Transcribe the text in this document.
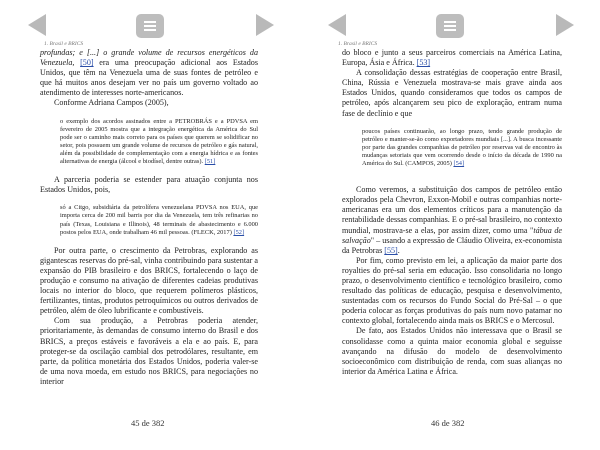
1. Brasil e BRICS

profundas; e [...] o grande volume de recursos energéticos da Venezuela, [50] era uma preocupação adicional aos Estados Unidos, que têm na Venezuela uma de suas fontes de petróleo e que há muitos anos desejam ver no país um governo voltado ao atendimento de interesses norte-americanos.

Conforme Adriana Campos (2005),

o exemplo dos acordos assinados entre a PETROBRÁS e a PDVSA em fevereiro de 2005 mostra que a integração energética da América do Sul pode ser o caminho mais correto para os países que querem se solidificar no setor, pois possuem um grande volume de recursos de petróleo e gás natural, além da possibilidade de complementação com a energia hídrica e as fontes alternativas de energia (álcool e biodísel, dentre outras). [51]

A parceria poderia se estender para atuação conjunta nos Estados Unidos, pois,

só a Citgo, subsidiária da petrolífera venezuelana PDVSA nos EUA, que importa cerca de 200 mil barris por dia da Venezuela, tem três refinarias no país (Texas, Louisiana e Illinois), 48 terminais de abastecimento e 6.000 postos pelos EUA, onde trabalham 46 mil pessoas. (FLECK, 2017) [52]

Por outra parte, o crescimento da Petrobras, explorando as gigantescas reservas do pré-sal, vinha contribuindo para sustentar a expansão do PIB brasileiro e dos BRICS, fortalecendo o laço de produção e consumo na ativação de diferentes cadeias produtivas locais no interior do bloco, que requerem polímeros plásticos, fertilizantes, tintas, produtos petroquímicos ou outros derivados de petróleo, além de óleo lubrificante e combustíveis.

Com sua produção, a Petrobras poderia atender, prioritariamente, às demandas de consumo interno do Brasil e dos BRICS, a preços estáveis e favoráveis a ela e ao país. E, para proteger-se da oscilação cambial dos petrodólares, resultante, em parte, da política monetária dos Estados Unidos, poderia valer-se de uma nova moeda, em estudo nos BRICS, para negociações no interior

45 de 382
1. Brasil e BRICS

do bloco e junto a seus parceiros comerciais na América Latina, Europa, Ásia e África. [53]

A consolidação dessas estratégias de cooperação entre Brasil, China, Rússia e Venezuela mostrava-se mais grave ainda aos Estados Unidos, quando consideramos que todos os campos de petróleo, após alcançarem seu pico de exploração, entram numa fase de declínio e que

poucos países continuarão, ao longo prazo, tendo grande produção de petróleo e manter-se-ão como exportadores mundiais [...]. A busca incessante por parte das grandes companhias de petróleo por reservas vai de encontro às mudanças setoriais que vem ocorrendo desde o início da década de 1990 na América do Sul. (CAMPOS, 2005) [54]

Como veremos, a substituição dos campos de petróleo então explorados pela Chevron, Exxon-Mobil e outras companhias norte-americanas era um dos elementos críticos para a manutenção da rentabilidade dessas companhias. E o pré-sal brasileiro, no contexto mundial, mostrava-se a elas, por assim dizer, como uma "tábua de salvação" – usando a expressão de Cláudio Oliveira, ex-economista da Petrobras [55].

Por fim, como previsto em lei, a aplicação da maior parte dos royalties do pré-sal seria em educação. Isso consolidaria no longo prazo, o desenvolvimento científico e tecnológico brasileiro, como resultado das políticas de educação, pesquisa e desenvolvimento, sustentadas com os recursos do Fundo Social do Pré-Sal – o que poderia colocar as forças produtivas do país num novo patamar no contexto global, fortalecendo ainda mais os BRICS e o Mercosul.

De fato, aos Estados Unidos não interessava que o Brasil se consolidasse como a quinta maior economia global e seguisse avançando na difusão do modelo de desenvolvimento socioeconômico com distribuição de renda, com suas alianças no interior da América Latina e África.

46 de 382
